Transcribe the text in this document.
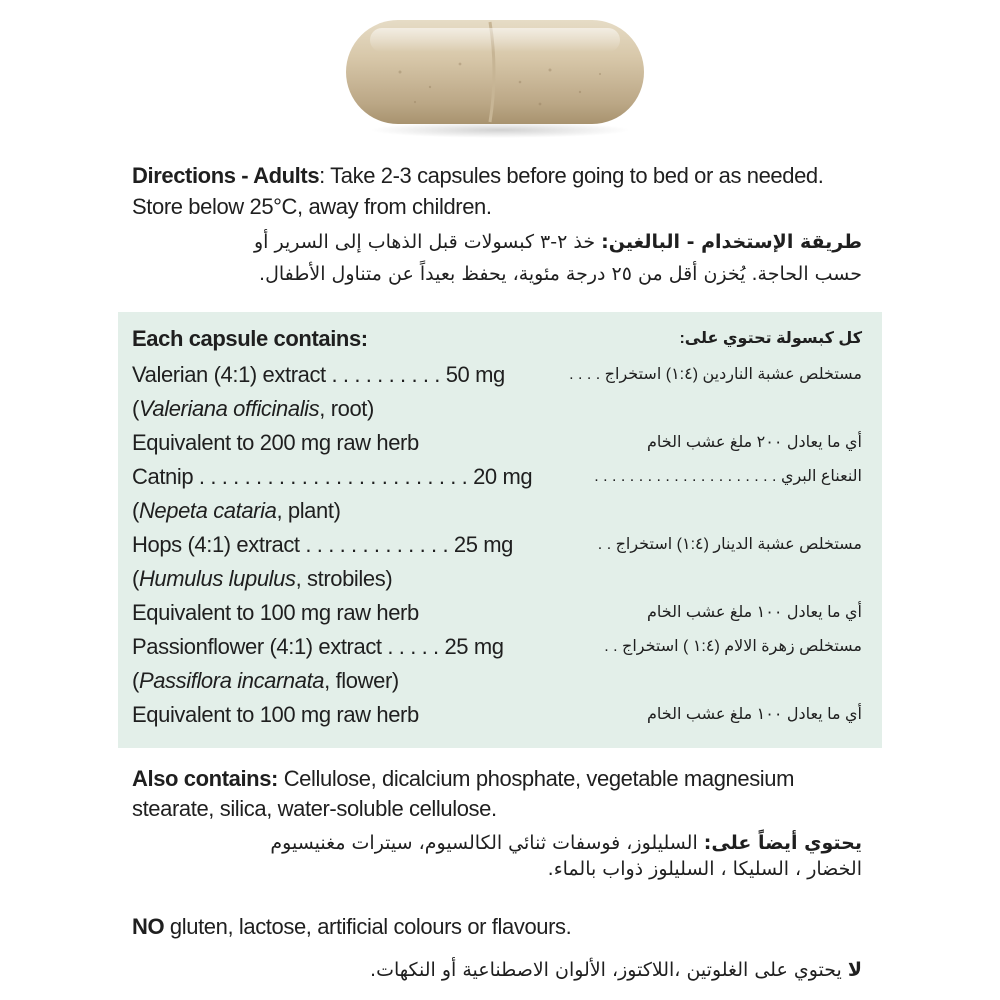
Directions - Adults: Take 2-3 capsules before going to bed or as needed.
Store below 25°C, away from children.
طريقة الإستخدام - البالغين: خذ ٢-٣ كبسولات قبل الذهاب إلى السرير أو
حسب الحاجة. يُخزن أقل من ٢٥ درجة مئوية، يحفظ بعيداً عن متناول الأطفال.
Each capsule contains:	كل كبسولة تحتوي على:
Valerian (4:1) extract . . . . . . . . . . 50 mg	مستخلص عشبة الناردين (١:٤) استخراج . . . .
(Valeriana officinalis, root)
Equivalent to 200 mg raw herb	أي ما يعادل ٢٠٠ ملغ عشب الخام
Catnip . . . . . . . . . . . . . . . . . . . . . . . . 20 mg	النعناع البري . . . . . . . . . . . . . . . . . . . . .
(Nepeta cataria, plant)
Hops (4:1) extract . . . . . . . . . . . . . 25 mg	مستخلص عشبة الدينار (١:٤) استخراج . .
(Humulus lupulus, strobiles)
Equivalent to 100 mg raw herb	أي ما يعادل ١٠٠ ملغ عشب الخام
Passionflower (4:1) extract . . . . . 25 mg	مستخلص زهرة الالام (١:٤ ) استخراج . .
(Passiflora incarnata, flower)
Equivalent to 100 mg raw herb	أي ما يعادل ١٠٠ ملغ عشب الخام
Also contains: Cellulose, dicalcium phosphate, vegetable magnesium
stearate, silica, water-soluble cellulose.
يحتوي أيضاً على: السليلوز، فوسفات ثنائي الكالسيوم، سيترات مغنيسيوم
الخضار ، السليكا ، السليلوز ذواب بالماء.
NO gluten, lactose, artificial colours or flavours.
لا يحتوي على الغلوتين ،اللاكتوز، الألوان الاصطناعية أو النكهات.
